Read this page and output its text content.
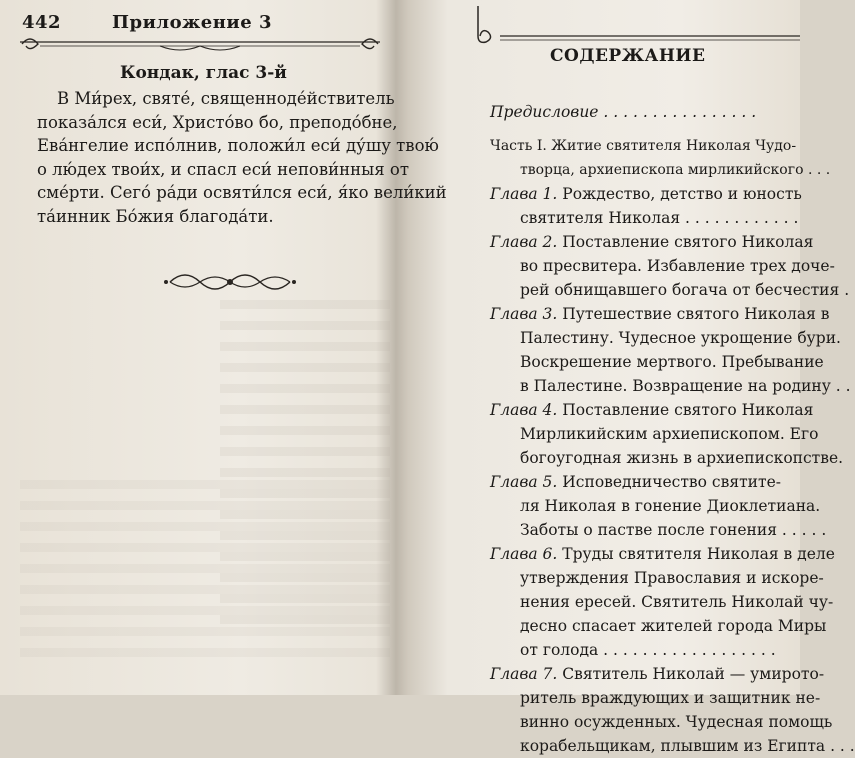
442	Приложение 3
Кондак, глас 3-й
В Ми́рех, святе́, священноде́йствитель
показа́лся еси́, Христо́во бо, преподо́бне,
Ева́нгелие испо́лнив, положи́л еси́ ду́шу твою́
о лю́дех твои́х, и спасл еси́ непови́нныя от
сме́рти. Сего́ ра́ди освяти́лся еси́, я́ко вели́кий
та́инник Бо́жия благода́ти.
СОДЕРЖАНИЕ
Предисловие . . . . . . . . . . . . . . . .
Часть I. Житие святителя Николая Чудо-
творца, архиепископа мирликийского . . .
Глава 1. Рождество, детство и юность
святителя Николая . . . . . . . . . . . .
Глава 2. Поставление святого Николая
во пресвитера. Избавление трех доче-
рей обнищавшего богача от бесчестия .
Глава 3. Путешествие святого Николая в
Палестину. Чудесное укрощение бури.
Воскрешение мертвого. Пребывание
в Палестине. Возвращение на родину . .
Глава 4. Поставление святого Николая
Мирликийским архиепископом. Его
богоугодная жизнь в архиепископстве.
Глава 5. Исповедничество святите-
ля Николая в гонение Диоклетиана.
Заботы о пастве после гонения . . . . .
Глава 6. Труды святителя Николая в деле
утверждения Православия и искоре-
нения ересей. Святитель Николай чу-
десно спасает жителей города Миры
от голода . . . . . . . . . . . . . . . . . .
Глава 7. Святитель Николай — умирото-
ритель враждующих и защитник не-
винно осужденных. Чудесная помощь
корабельщикам, плывшим из Египта . . .
